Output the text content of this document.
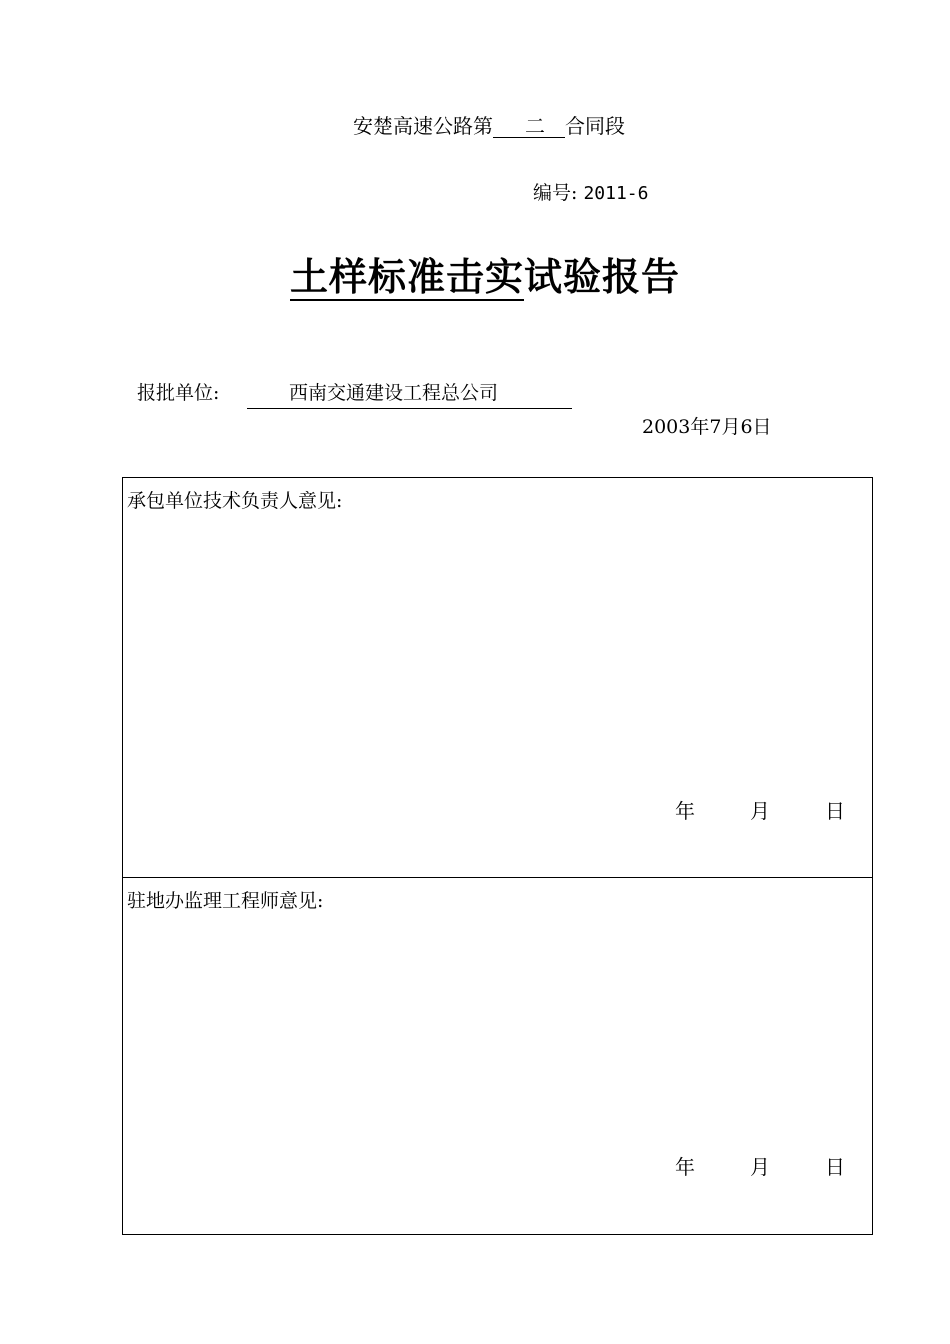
安楚高速公路第 二 合同段
编号: 2011-6
土样标准击实试验报告
报批单位:	西南交通建设工程总公司
2003年7月6日
承包单位技术负责人意见:
年	月	日
驻地办监理工程师意见:
年	月	日
